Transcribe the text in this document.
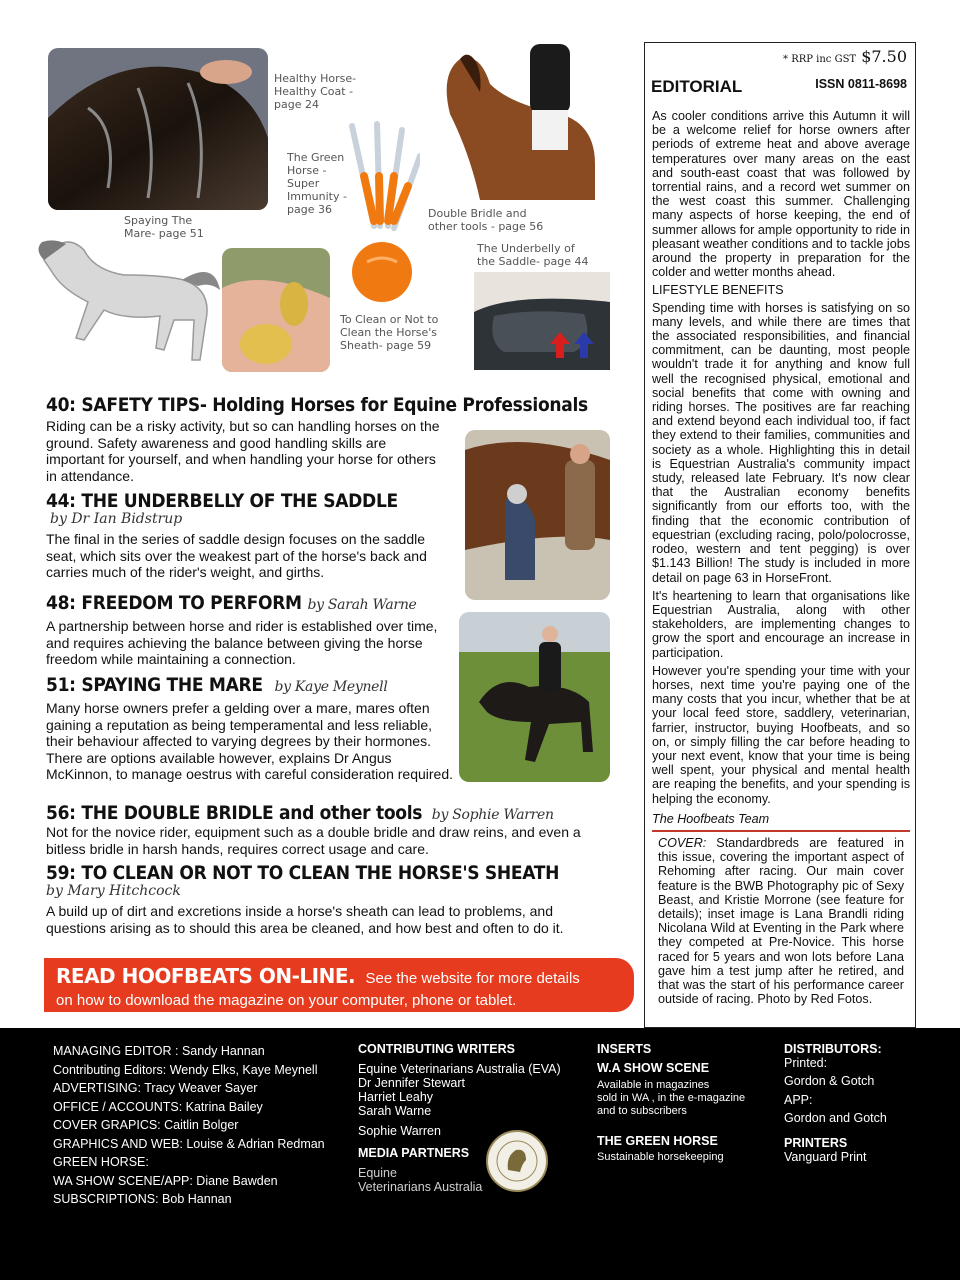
Healthy Horse- Healthy Coat - page 24
The Green Horse - Super Immunity - page 36	Double Bridle and other tools - page 56
The Underbelly of the Saddle- page 44
Spaying The Mare- page 51
To Clean or Not to Clean the Horse's Sheath- page 59
40: SAFETY TIPS- Holding Horses for Equine Professionals
Riding can be a risky activity, but so can handling horses on the ground. Safety awareness and good handling skills are important for yourself, and when handling your horse for others in attendance.
44: THE UNDERBELLY OF THE SADDLE
by Dr Ian Bidstrup
The final in the series of saddle design focuses on the saddle seat, which sits over the weakest part of the horse's back and carries much of the rider's weight, and girths.
48: FREEDOM TO PERFORM by Sarah Warne
A partnership between horse and rider is established over time, and requires achieving the balance between giving the horse freedom while maintaining a connection.
51: SPAYING THE MARE by Kaye Meynell
Many horse owners prefer a gelding over a mare, mares often gaining a reputation as being temperamental and less reliable, their behaviour affected to varying degrees by their hormones. There are options available however, explains Dr Angus McKinnon, to manage oestrus with careful consideration required.
56: THE DOUBLE BRIDLE and other tools by Sophie Warren
Not for the novice rider, equipment such as a double bridle and draw reins, and even a bitless bridle in harsh hands, requires correct usage and care.
59: TO CLEAN OR NOT TO CLEAN THE HORSE'S SHEATH
by Mary Hitchcock
A build up of dirt and excretions inside a horse's sheath can lead to problems, and questions arising as to should this area be cleaned, and how best and often to do it.
READ HOOFBEATS ON-LINE. See the website for more details
on how to download the magazine on your computer, phone or tablet.
* RRP inc GST $7.50
EDITORIAL	ISSN 0811-8698

As cooler conditions arrive this Autumn it will be a welcome relief for horse owners after periods of extreme heat and above average temperatures over many areas on the east and south-east coast that was followed by torrential rains, and a record wet summer on the west coast this summer. Challenging many aspects of horse keeping, the end of summer allows for ample opportunity to ride in pleasant weather conditions and to tackle jobs around the property in preparation for the colder and wetter months ahead.

LIFESTYLE BENEFITS

Spending time with horses is satisfying on so many levels, and while there are times that the associated responsibilities, and financial commitment, can be daunting, most people wouldn't trade it for anything and know full well the recognised physical, emotional and social benefits that come with owning and riding horses. The positives are far reaching and extend beyond each individual too, if fact they extend to their families, communities and society as a whole. Highlighting this in detail is Equestrian Australia's community impact study, released late February. It's now clear that the Australian economy benefits significantly from our efforts too, with the finding that the economic contribution of equestrian (excluding racing, polo/polocrosse, rodeo, western and tent pegging) is over $1.143 Billion! The study is included in more detail on page 63 in HorseFront.

It's heartening to learn that organisations like Equestrian Australia, along with other stakeholders, are implementing changes to grow the sport and encourage an increase in participation.

However you're spending your time with your horses, next time you're paying one of the many costs that you incur, whether that be at your local feed store, saddlery, veterinarian, farrier, instructor, buying Hoofbeats, and so on, or simply filling the car before heading to your next event, know that your time is being well spent, your physical and mental health are reaping the benefits, and your spending is helping the economy.

The Hoofbeats Team

COVER: Standardbreds are featured in this issue, covering the important aspect of Rehoming after racing. Our main cover feature is the BWB Photography pic of Sexy Beast, and Kristie Morrone (see feature for details); inset image is Lana Brandli riding Nicolana Wild at Eventing in the Park where they competed at Pre-Novice. This horse raced for 5 years and won lots before Lana gave him a test jump after he retired, and that was the start of his performance career outside of racing. Photo by Red Fotos.

MANAGING EDITOR : Sandy Hannan
Contributing Editors: Wendy Elks, Kaye Meynell
ADVERTISING: Tracy Weaver Sayer
OFFICE / ACCOUNTS: Katrina Bailey
COVER GRAPICS: Caitlin Bolger
GRAPHICS AND WEB: Louise & Adrian Redman
GREEN HORSE:
WA SHOW SCENE/APP: Diane Bawden
SUBSCRIPTIONS: Bob Hannan
CONTRIBUTING WRITERS
Equine Veterinarians Australia (EVA)
Dr Jennifer Stewart
Harriet Leahy
Sarah Warne
Sophie Warren
MEDIA PARTNERS
Equine
Veterinarians Australia
INSERTS
W.A SHOW SCENE
Available in magazines
sold in WA , in the e-magazine
and to subscribers
THE GREEN HORSE
Sustainable horsekeeping
DISTRIBUTORS:
Printed:
Gordon & Gotch
APP:
Gordon and Gotch
PRINTERS
Vanguard Print
